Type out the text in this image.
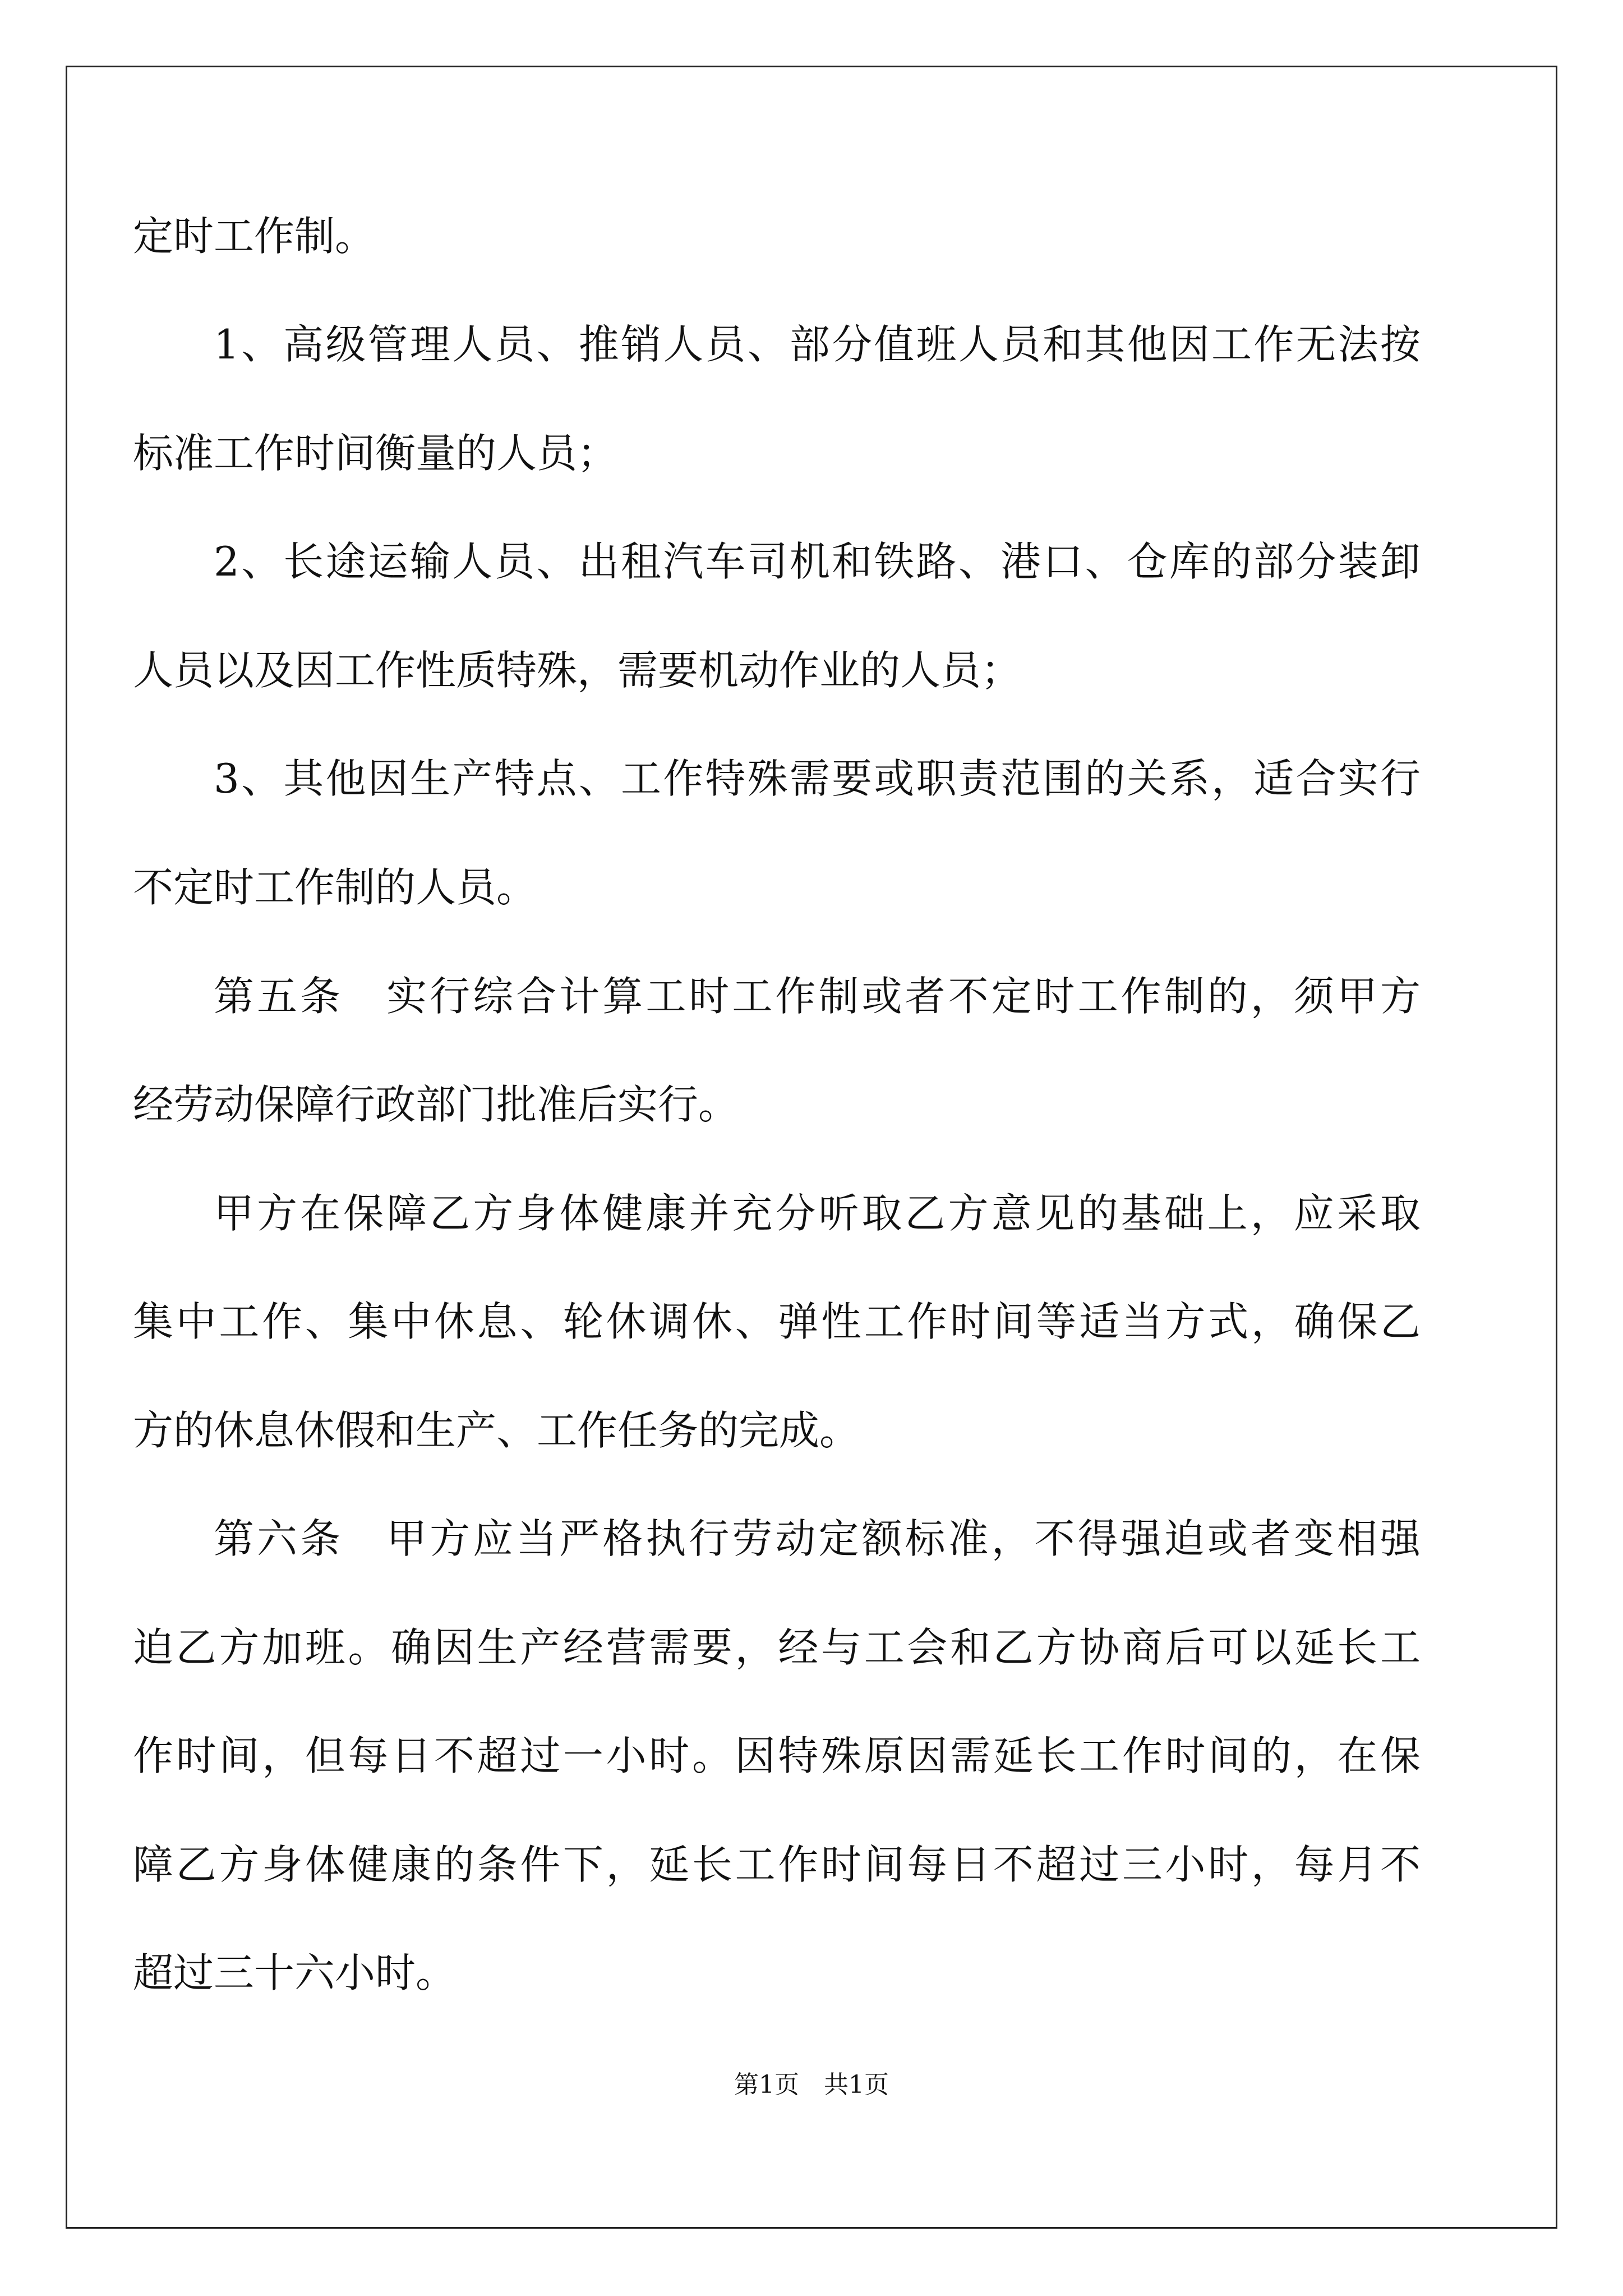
定时工作制。
1 、 高 级 管 理 人 员 、 推 销 人 员 、 部 分 值 班 人 员 和 其 他 因 工 作 无 法 按
标准工作时间衡量的人员；
2 、 长 途 运 输 人 员 、 出 租 汽 车 司 机 和 铁 路 、 港 口 、 仓 库 的 部 分 装 卸
人员以及因工作性质特殊，需要机动作业的人员；
3 、 其 他 因 生 产 特 点 、 工 作 特 殊 需 要 或 职 责 范 围 的 关 系 ， 适 合 实 行
不定时工作制的人员。
第 五 条
　 实 行 综 合 计 算 工 时 工 作 制 或 者 不 定 时 工 作 制 的 ， 须 甲 方
经劳动保障行政部门批准后实行。
甲 方 在 保 障 乙 方 身 体 健 康 并 充 分 听 取 乙 方 意 见 的 基 础 上 ， 应 采 取
集 中 工 作 、 集 中 休 息 、 轮 休 调 休 、 弹 性 工 作 时 间 等 适 当 方 式 ， 确 保 乙
方的休息休假和生产、工作任务的完成。
第 六 条
　 甲 方 应 当 严 格 执 行 劳 动 定 额 标 准 ， 不 得 强 迫 或 者 变 相 强
迫 乙 方 加 班 。 确 因 生 产 经 营 需 要 ， 经 与 工 会 和 乙 方 协 商 后 可 以 延 长 工
作 时 间 ， 但 每 日 不 超 过 一 小 时 。 因 特 殊 原 因 需 延 长 工 作 时 间 的 ， 在 保
障 乙 方 身 体 健 康 的 条 件 下 ， 延 长 工 作 时 间 每 日 不 超 过 三 小 时 ， 每 月 不
超过三十六小时。
第1页　共1页
